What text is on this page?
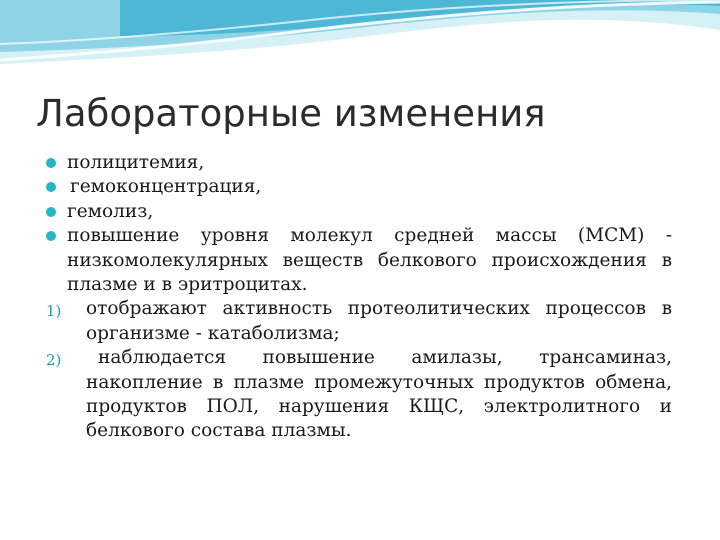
Лабораторные изменения
полицитемия,
гемоконцентрация,
гемолиз,
повышение уровня молекул средней массы (МСМ) - низкомолекулярных веществ белкового происхождения в плазме и в эритроцитах.
1) отображают активность протеолитических процессов в организме - катаболизма;
2) наблюдается повышение амилазы, трансаминаз, накопление в плазме промежуточных продуктов обмена, продуктов ПОЛ, нарушения КЩС, электролитного и белкового состава плазмы.
